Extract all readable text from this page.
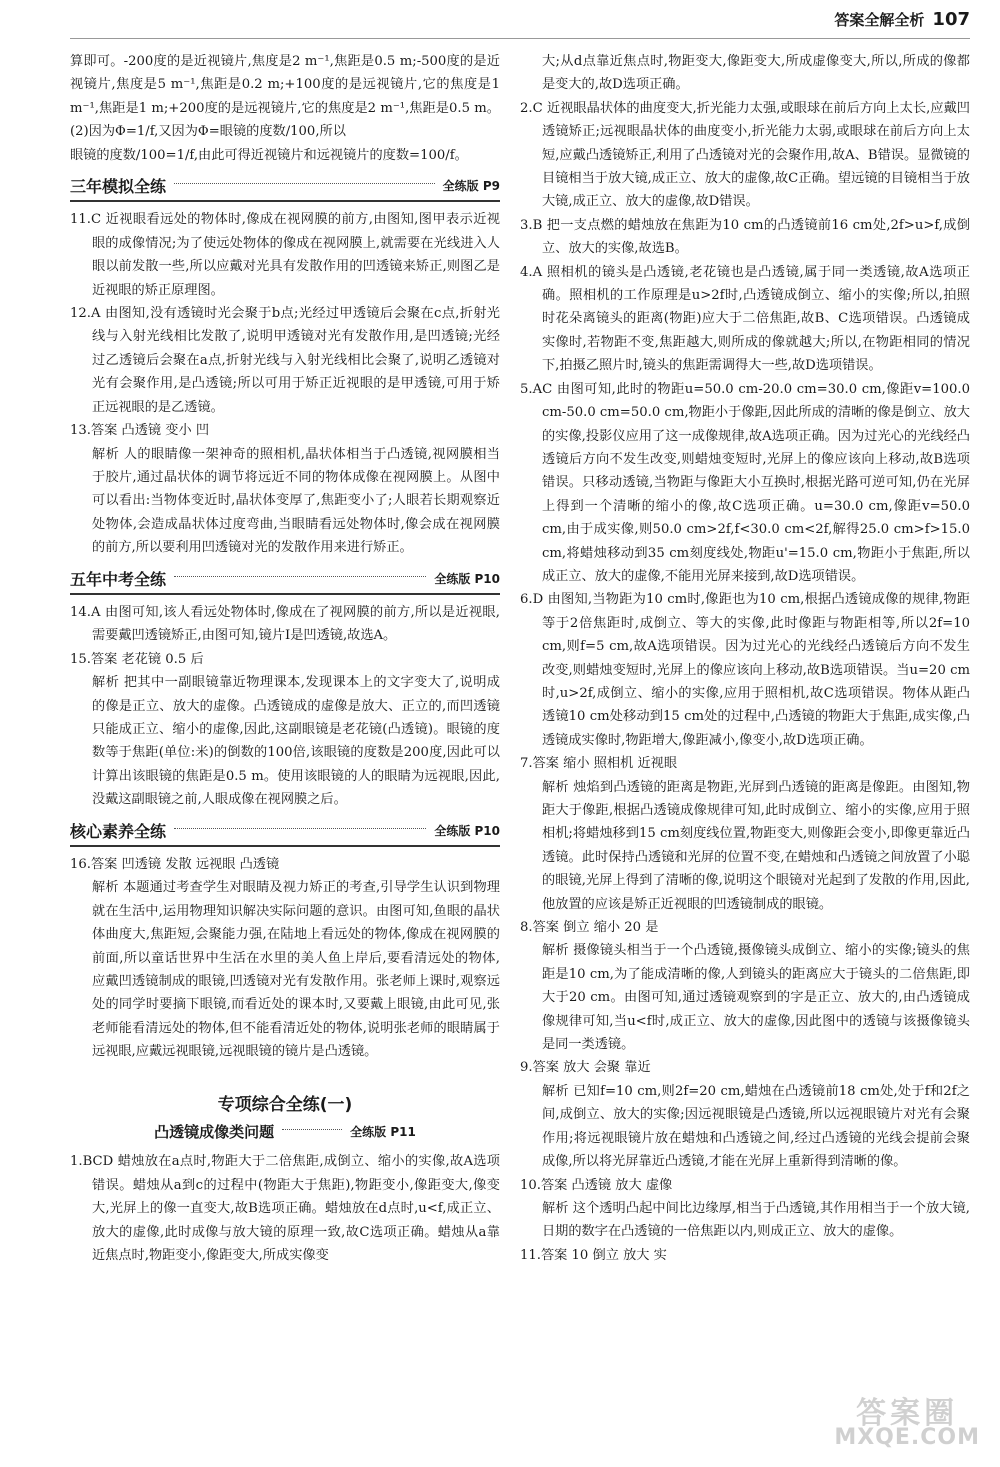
答案全解全析 107

算即可。-200度的是近视镜片,焦度是2 m⁻¹,焦距是0.5 m;-500度的是近视镜片,焦度是5 m⁻¹,焦距是0.2 m;+100度的是远视镜片,它的焦度是1 m⁻¹,焦距是1 m;+200度的是远视镜片,它的焦度是2 m⁻¹,焦距是0.5 m。(2)因为Φ=1/f,又因为Φ=眼镜的度数/100,所以

眼镜的度数/100=1/f,由此可得近视镜片和远视镜片的度数=100/f。

三年模拟全练	全练版 P9

11.C 近视眼看远处的物体时,像成在视网膜的前方,由图知,图甲表示近视眼的成像情况;为了使远处物体的像成在视网膜上,就需要在光线进入人眼以前发散一些,所以应戴对光具有发散作用的凹透镜来矫正,则图乙是近视眼的矫正原理图。

12.A 由图知,没有透镜时光会聚于b点;光经过甲透镜后会聚在c点,折射光线与入射光线相比发散了,说明甲透镜对光有发散作用,是凹透镜;光经过乙透镜后会聚在a点,折射光线与入射光线相比会聚了,说明乙透镜对光有会聚作用,是凸透镜;所以可用于矫正近视眼的是甲透镜,可用于矫正远视眼的是乙透镜。

13.答案 凸透镜 变小 凹

解析 人的眼睛像一架神奇的照相机,晶状体相当于凸透镜,视网膜相当于胶片,通过晶状体的调节将远近不同的物体成像在视网膜上。从图中可以看出:当物体变近时,晶状体变厚了,焦距变小了;人眼若长期观察近处物体,会造成晶状体过度弯曲,当眼睛看远处物体时,像会成在视网膜的前方,所以要利用凹透镜对光的发散作用来进行矫正。

五年中考全练	全练版 P10

14.A 由图可知,该人看远处物体时,像成在了视网膜的前方,所以是近视眼,需要戴凹透镜矫正,由图可知,镜片Ⅰ是凹透镜,故选A。

15.答案 老花镜 0.5 后

解析 把其中一副眼镜靠近物理课本,发现课本上的文字变大了,说明成的像是正立、放大的虚像。凸透镜成的虚像是放大、正立的,而凹透镜只能成正立、缩小的虚像,因此,这副眼镜是老花镜(凸透镜)。眼镜的度数等于焦距(单位:米)的倒数的100倍,该眼镜的度数是200度,因此可以计算出该眼镜的焦距是0.5 m。使用该眼镜的人的眼睛为远视眼,因此,没戴这副眼镜之前,人眼成像在视网膜之后。

核心素养全练	全练版 P10

16.答案 凹透镜 发散 远视眼 凸透镜

解析 本题通过考查学生对眼睛及视力矫正的考查,引导学生认识到物理就在生活中,运用物理知识解决实际问题的意识。由图可知,鱼眼的晶状体曲度大,焦距短,会聚能力强,在陆地上看远处的物体,像成在视网膜的前面,所以童话世界中生活在水里的美人鱼上岸后,要看清远处的物体,应戴凹透镜制成的眼镜,凹透镜对光有发散作用。张老师上课时,观察远处的同学时要摘下眼镜,而看近处的课本时,又要戴上眼镜,由此可见,张老师能看清远处的物体,但不能看清近处的物体,说明张老师的眼睛属于远视眼,应戴远视眼镜,远视眼镜的镜片是凸透镜。

专项综合全练(一)
凸透镜成像类问题	全练版 P11

1.BCD 蜡烛放在a点时,物距大于二倍焦距,成倒立、缩小的实像,故A选项错误。蜡烛从a到c的过程中(物距大于焦距),物距变小,像距变大,像变大,光屏上的像一直变大,故B选项正确。蜡烛放在d点时,u<f,成正立、放大的虚像,此时成像与放大镜的原理一致,故C选项正确。蜡烛从a靠近焦点时,物距变小,像距变大,所成实像变

大;从d点靠近焦点时,物距变大,像距变大,所成虚像变大,所以,所成的像都是变大的,故D选项正确。

2.C 近视眼晶状体的曲度变大,折光能力太强,或眼球在前后方向上太长,应戴凹透镜矫正;远视眼晶状体的曲度变小,折光能力太弱,或眼球在前后方向上太短,应戴凸透镜矫正,利用了凸透镜对光的会聚作用,故A、B错误。显微镜的目镜相当于放大镜,成正立、放大的虚像,故C正确。望远镜的目镜相当于放大镜,成正立、放大的虚像,故D错误。

3.B 把一支点燃的蜡烛放在焦距为10 cm的凸透镜前16 cm处,2f>u>f,成倒立、放大的实像,故选B。

4.A 照相机的镜头是凸透镜,老花镜也是凸透镜,属于同一类透镜,故A选项正确。照相机的工作原理是u>2f时,凸透镜成倒立、缩小的实像;所以,拍照时花朵离镜头的距离(物距)应大于二倍焦距,故B、C选项错误。凸透镜成实像时,若物距不变,焦距越大,则所成的像就越大;所以,在物距相同的情况下,拍摄乙照片时,镜头的焦距需调得大一些,故D选项错误。

5.AC 由图可知,此时的物距u=50.0 cm-20.0 cm=30.0 cm,像距v=100.0 cm-50.0 cm=50.0 cm,物距小于像距,因此所成的清晰的像是倒立、放大的实像,投影仪应用了这一成像规律,故A选项正确。因为过光心的光线经凸透镜后方向不发生改变,则蜡烛变短时,光屏上的像应该向上移动,故B选项错误。只移动透镜,当物距与像距大小互换时,根据光路可逆可知,仍在光屏上得到一个清晰的缩小的像,故C选项正确。u=30.0 cm,像距v=50.0 cm,由于成实像,则50.0 cm>2f,f<30.0 cm<2f,解得25.0 cm>f>15.0 cm,将蜡烛移动到35 cm刻度线处,物距u'=15.0 cm,物距小于焦距,所以成正立、放大的虚像,不能用光屏来接到,故D选项错误。

6.D 由图知,当物距为10 cm时,像距也为10 cm,根据凸透镜成像的规律,物距等于2倍焦距时,成倒立、等大的实像,此时像距与物距相等,所以2f=10 cm,则f=5 cm,故A选项错误。因为过光心的光线经凸透镜后方向不发生改变,则蜡烛变短时,光屏上的像应该向上移动,故B选项错误。当u=20 cm时,u>2f,成倒立、缩小的实像,应用于照相机,故C选项错误。物体从距凸透镜10 cm处移动到15 cm处的过程中,凸透镜的物距大于焦距,成实像,凸透镜成实像时,物距增大,像距减小,像变小,故D选项正确。

7.答案 缩小 照相机 近视眼

解析 烛焰到凸透镜的距离是物距,光屏到凸透镜的距离是像距。由图知,物距大于像距,根据凸透镜成像规律可知,此时成倒立、缩小的实像,应用于照相机;将蜡烛移到15 cm刻度线位置,物距变大,则像距会变小,即像更靠近凸透镜。此时保持凸透镜和光屏的位置不变,在蜡烛和凸透镜之间放置了小聪的眼镜,光屏上得到了清晰的像,说明这个眼镜对光起到了发散的作用,因此,他放置的应该是矫正近视眼的凹透镜制成的眼镜。

8.答案 倒立 缩小 20 是

解析 摄像镜头相当于一个凸透镜,摄像镜头成倒立、缩小的实像;镜头的焦距是10 cm,为了能成清晰的像,人到镜头的距离应大于镜头的二倍焦距,即大于20 cm。由图可知,通过透镜观察到的字是正立、放大的,由凸透镜成像规律可知,当u<f时,成正立、放大的虚像,因此图中的透镜与该摄像镜头是同一类透镜。

9.答案 放大 会聚 靠近

解析 已知f=10 cm,则2f=20 cm,蜡烛在凸透镜前18 cm处,处于f和2f之间,成倒立、放大的实像;因远视眼镜是凸透镜,所以远视眼镜片对光有会聚作用;将远视眼镜片放在蜡烛和凸透镜之间,经过凸透镜的光线会提前会聚成像,所以将光屏靠近凸透镜,才能在光屏上重新得到清晰的像。

10.答案 凸透镜 放大 虚像

解析 这个透明凸起中间比边缘厚,相当于凸透镜,其作用相当于一个放大镜,日期的数字在凸透镜的一倍焦距以内,则成正立、放大的虚像。

11.答案 10 倒立 放大 实

答案圈
MXQE.COM
